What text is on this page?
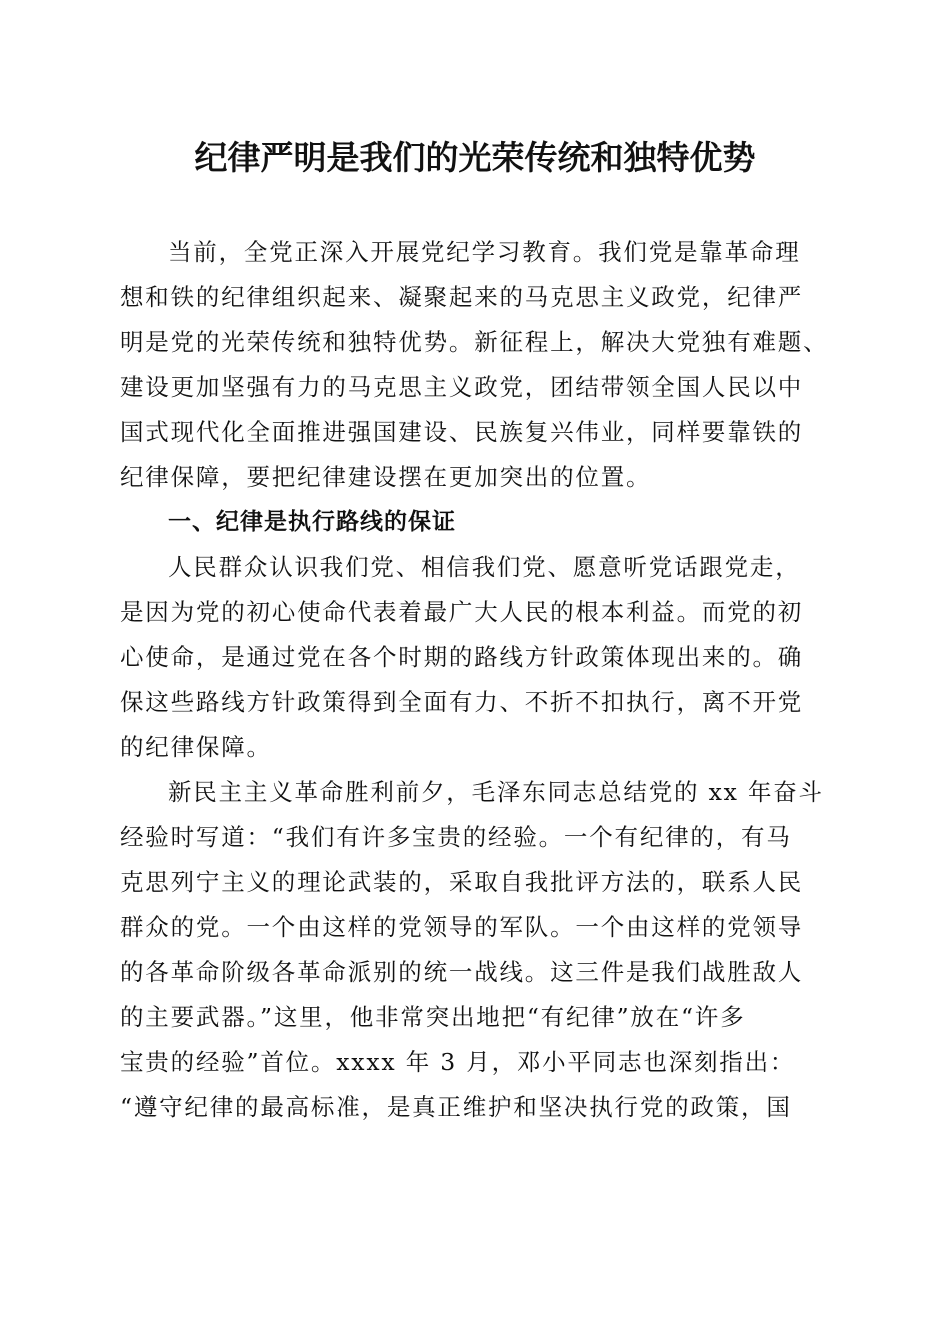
纪律严明是我们的光荣传统和独特优势
当前，全党正深入开展党纪学习教育。我们党是靠革命理
想和铁的纪律组织起来、凝聚起来的马克思主义政党，纪律严
明是党的光荣传统和独特优势。新征程上，解决大党独有难题、
建设更加坚强有力的马克思主义政党，团结带领全国人民以中
国式现代化全面推进强国建设、民族复兴伟业，同样要靠铁的
纪律保障，要把纪律建设摆在更加突出的位置。
一、纪律是执行路线的保证
人民群众认识我们党、相信我们党、愿意听党话跟党走，
是因为党的初心使命代表着最广大人民的根本利益。而党的初
心使命，是通过党在各个时期的路线方针政策体现出来的。确
保这些路线方针政策得到全面有力、不折不扣执行，离不开党
的纪律保障。
新民主主义革命胜利前夕，毛泽东同志总结党的 xx 年奋斗
经验时写道：“我们有许多宝贵的经验。一个有纪律的，有马
克思列宁主义的理论武装的，采取自我批评方法的，联系人民
群众的党。一个由这样的党领导的军队。一个由这样的党领导
的各革命阶级各革命派别的统一战线。这三件是我们战胜敌人
的主要武器。”这里，他非常突出地把“有纪律”放在“许多
宝贵的经验”首位。xxxx 年 3 月，邓小平同志也深刻指出：
“遵守纪律的最高标准，是真正维护和坚决执行党的政策，国
